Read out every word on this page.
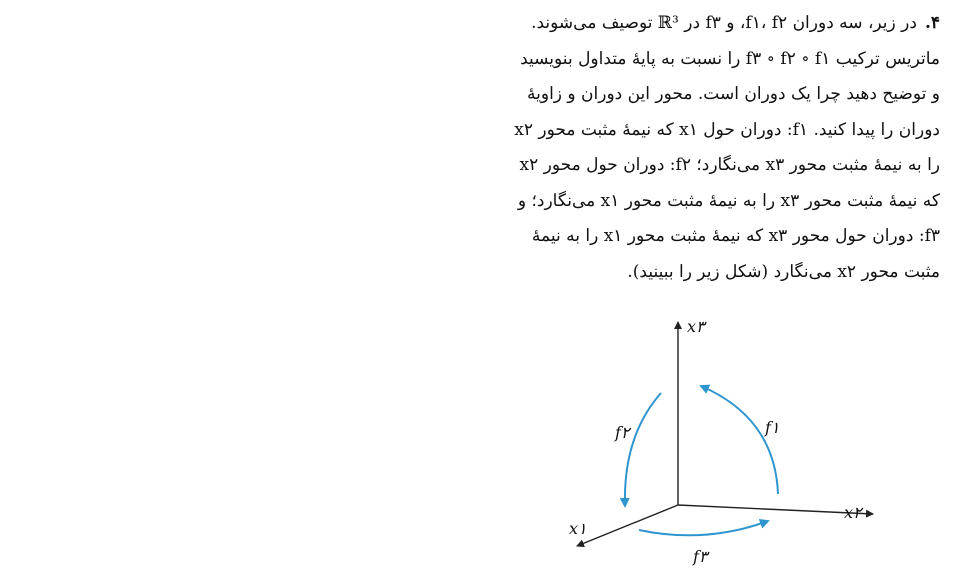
۴.در زیر، سه دوران f۱، f۲، و f۳ در ℝ³ توصیف می‌شوند.
ماتریس ترکیب f۳ ∘ f۲ ∘ f۱ را نسبت به پایهٔ متداول بنویسید
و توضیح دهید چرا یک دوران است. محور این دوران و زاویهٔ
دوران را پیدا کنید. f۱: دوران حول x۱ که نیمهٔ مثبت محور x۲
را به نیمهٔ مثبت محور x۳ می‌نگارد؛ f۲: دوران حول محور x۲
که نیمهٔ مثبت محور x۳ را به نیمهٔ مثبت محور x۱ می‌نگارد؛ و
f۳: دوران حول محور x۳ که نیمهٔ مثبت محور x۱ را به نیمهٔ
مثبت محور x۲ می‌نگارد (شکل زیر را ببینید).
x۳
x۲
x۱
f۱
f۲
f۳
